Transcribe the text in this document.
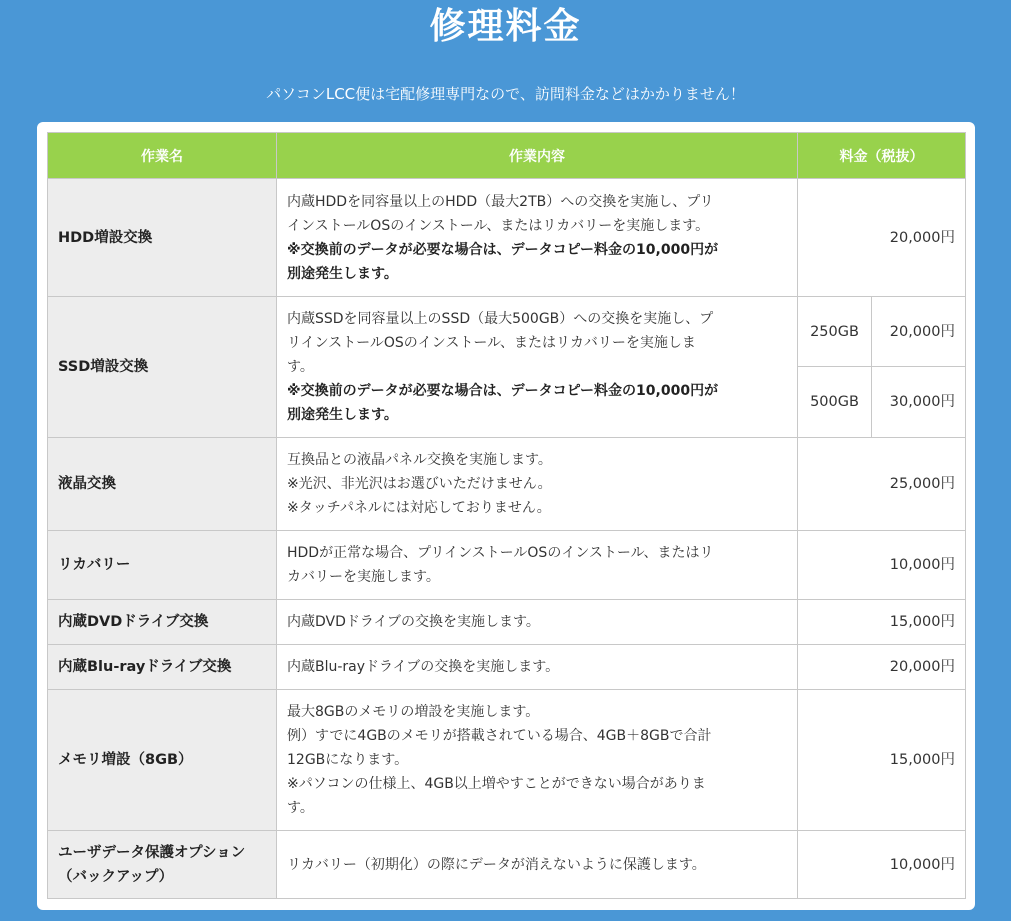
修理料金

パソコンLCC便は宅配修理専門なので、訪問料金などはかかりません！

作業名	作業内容	料金（税抜）	
HDD増設交換	内蔵HDDを同容量以上のHDD（最大2TB）への交換を実施し、プリ
インストールOSのインストール、またはリカバリーを実施します。
※交換前のデータが必要な場合は、データコピー料金の10,000円が
別途発生します。	20,000円	
SSD増設交換	内蔵SSDを同容量以上のSSD（最大500GB）への交換を実施し、プ
リインストールOSのインストール、またはリカバリーを実施しま
す。
※交換前のデータが必要な場合は、データコピー料金の10,000円が
別途発生します。	250GB	20,000円
		500GB	30,000円
液晶交換	互換品との液晶パネル交換を実施します。
※光沢、非光沢はお選びいただけません。
※タッチパネルには対応しておりません。	25,000円	
リカバリー	HDDが正常な場合、プリインストールOSのインストール、またはリ
カバリーを実施します。	10,000円	
内蔵DVDドライブ交換	内蔵DVDドライブの交換を実施します。	15,000円	
内蔵Blu-rayドライブ交換	内蔵Blu-rayドライブの交換を実施します。	20,000円	
メモリ増設（8GB）	最大8GBのメモリの増設を実施します。
例）すでに4GBのメモリが搭載されている場合、4GB＋8GBで合計
12GBになります。
※パソコンの仕様上、4GB以上増やすことができない場合がありま
す。	15,000円	

ユーザデータ保護オプション
（バックアップ）	リカバリー（初期化）の際にデータが消えないように保護します。	10,000円	
